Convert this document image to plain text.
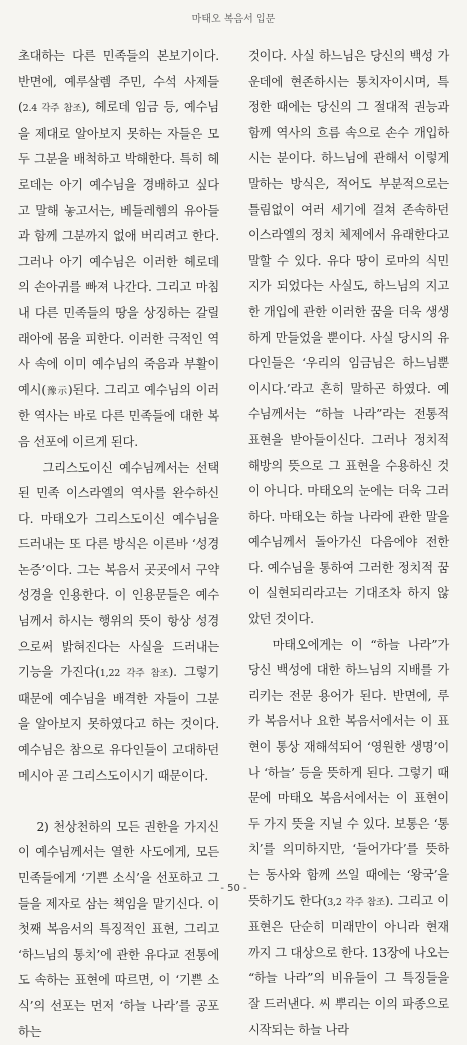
마태오 복음서 입문

초대하는 다른 민족들의 본보기이다. 반면에, 예루살렘 주민, 수석 사제들(2.4 각주 참조), 헤로데 임금 등, 예수님을 제대로 알아보지 못하는 자들은 모두 그분을 배척하고 박해한다. 특히 헤로데는 아기 예수님을 경배하고 싶다고 말해 놓고서는, 베들레헴의 유아들과 함께 그분까지 없애 버리려고 한다. 그러나 아기 예수님은 이러한 헤로데의 손아귀를 빠져 나간다. 그리고 마침내 다른 민족들의 땅을 상징하는 갈릴래아에 몸을 피한다. 이러한 극적인 역사 속에 이미 예수님의 죽음과 부활이 예시(豫示)된다. 그리고 예수님의 이러한 역사는 바로 다른 민족들에 대한 복음 선포에 이르게 된다.

그리스도이신 예수님께서는 선택된 민족 이스라엘의 역사를 완수하신다. 마태오가 그리스도이신 예수님을 드러내는 또 다른 방식은 이른바 ‘성경 논증’이다. 그는 복음서 곳곳에서 구약 성경을 인용한다. 이 인용문들은 예수님께서 하시는 행위의 뜻이 항상 성경으로써 밝혀진다는 사실을 드러내는 기능을 가진다(1,22 각주 참조). 그렇기 때문에 예수님을 배격한 자들이 그분을 알아보지 못하였다고 하는 것이다. 예수님은 참으로 유다인들이 고대하던 메시아 곧 그리스도이시기 때문이다.

2) 천상천하의 모든 권한을 가지신 이 예수님께서는 열한 사도에게, 모든 민족들에게 ‘기쁜 소식’을 선포하고 그들을 제자로 삼는 책임을 맡기신다. 이 첫째 복음서의 특징적인 표현, 그리고 ‘하느님의 통치’에 관한 유다교 전통에도 속하는 표현에 따르면, 이 ‘기쁜 소식’의 선포는 먼저 ‘하늘 나라’를 공포하는

것이다. 사실 하느님은 당신의 백성 가운데에 현존하시는 통치자이시며, 특정한 때에는 당신의 그 절대적 권능과 함께 역사의 흐름 속으로 손수 개입하시는 분이다. 하느님에 관해서 이렇게 말하는 방식은, 적어도 부분적으로는 틀림없이 여러 세기에 걸쳐 존속하던 이스라엘의 정치 체제에서 유래한다고 말할 수 있다. 유다 땅이 로마의 식민지가 되었다는 사실도, 하느님의 지고한 개입에 관한 이러한 꿈을 더욱 생생하게 만들었을 뿐이다. 사실 당시의 유다인들은 ‘우리의 임금님은 하느님뿐이시다.’라고 흔히 말하곤 하였다. 예수님께서는 “하늘 나라”라는 전통적 표현을 받아들이신다. 그러나 정치적 해방의 뜻으로 그 표현을 수용하신 것이 아니다. 마태오의 눈에는 더욱 그러하다. 마태오는 하늘 나라에 관한 말을 예수님께서 돌아가신 다음에야 전한다. 예수님을 통하여 그러한 정치적 꿈이 실현되리라고는 기대조차 하지 않았던 것이다.

마태오에게는 이 “하늘 나라”가 당신 백성에 대한 하느님의 지배를 가리키는 전문 용어가 된다. 반면에, 루카 복음서나 요한 복음서에서는 이 표현이 통상 재해석되어 ‘영원한 생명’이나 ‘하늘’ 등을 뜻하게 된다. 그렇기 때문에 마태오 복음서에서는 이 표현이 두 가지 뜻을 지닐 수 있다. 보통은 ‘통치’를 의미하지만, ‘들어가다’를 뜻하는 동사와 함께 쓰일 때에는 ‘왕국’을 뜻하기도 한다(3,2 각주 참조). 그리고 이 표현은 단순히 미래만이 아니라 현재까지 그 대상으로 한다. 13장에 나오는 “하늘 나라”의 비유들이 그 특징들을 잘 드러낸다. 씨 뿌리는 이의 파종으로 시작되는 하늘 나라

- 50 -
